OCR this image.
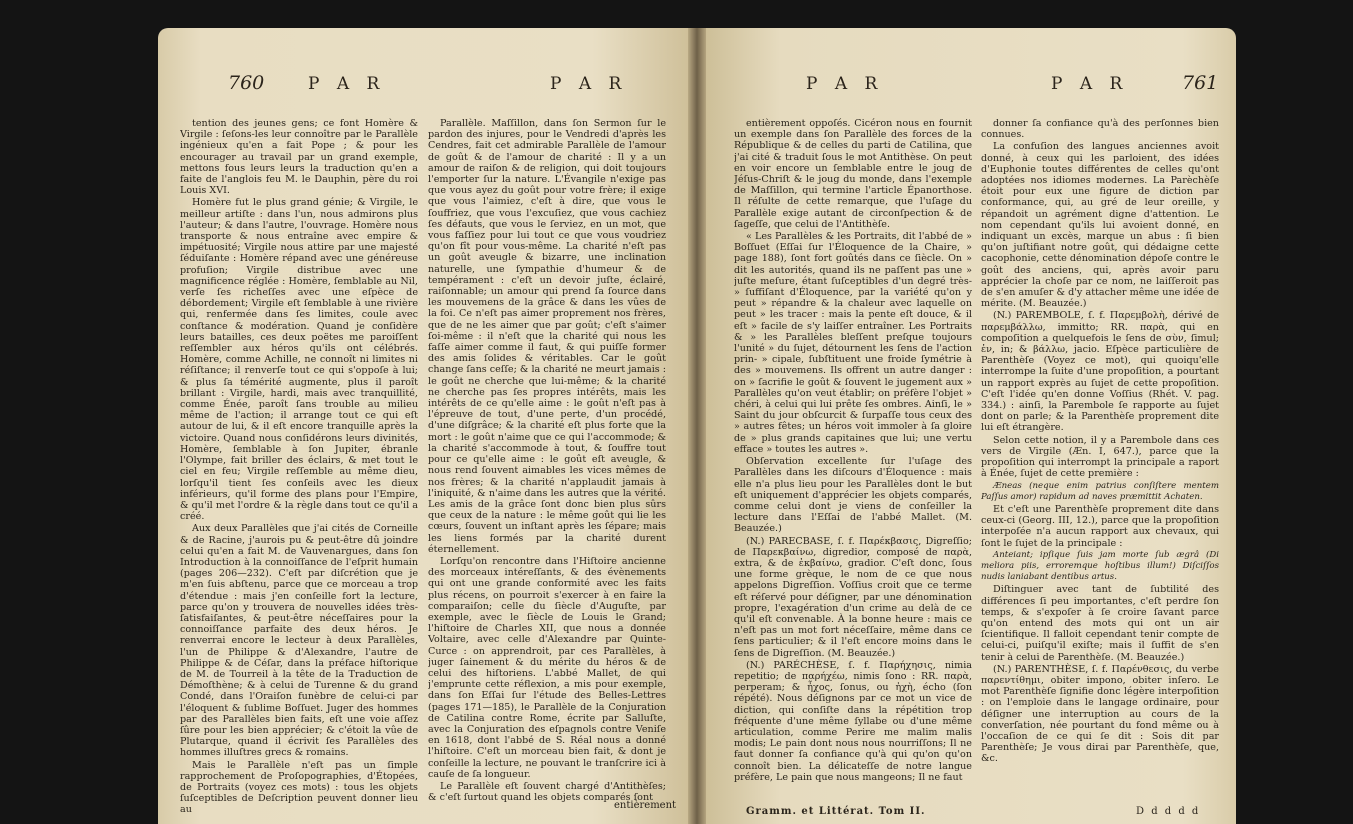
760	P A R	P A R

tention des jeunes gens; ce font Homère & Virgile : ſeſons-les leur connoître par le Parallèle ingénieux qu'en a fait Pope ; & pour les encourager au travail par un grand exemple, mettons fous leurs leurs la traduction qu'en a faite de l'anglois feu M. le Dauphin, père du roi Louis XVI.

Homère fut le plus grand génie; & Virgile, le meilleur artiſte : dans l'un, nous admirons plus l'auteur; & dans l'autre, l'ouvrage. Homère nous transporte & nous entraîne avec empire & impétuosité; Virgile nous attire par une majesté ſéduiſante : Homère répand avec une généreuse profuſion; Virgile distribue avec une magnificence réglée : Homère, ſemblable au Nil, verſe ſes richeſſes avec une eſpèce de débordement; Virgile eſt ſemblable à une rivière qui, renfermée dans ſes limites, coule avec conſtance & modération. Quand je conſidère leurs batailles, ces deux poëtes me paroiſſent reſſembler aux héros qu'ils ont célébrés. Homère, comme Achille, ne connoît ni limites ni réſiſtance; il renverſe tout ce qui s'oppoſe à lui; & plus ſa témérité augmente, plus il paroît brillant : Virgile, hardi, mais avec tranquillité, comme Énée, paroît ſans trouble au milieu même de l'action; il arrange tout ce qui eſt autour de lui, & il eſt encore tranquille après la victoire. Quand nous conſidérons leurs divinités, Homère, ſemblable à ſon Jupiter, ébranle l'Olympe, fait briller des éclairs, & met tout le ciel en feu; Virgile reſſemble au même dieu, lorſqu'il tient ſes conſeils avec les dieux inférieurs, qu'il forme des plans pour l'Empire, & qu'il met l'ordre & la règle dans tout ce qu'il a créé.

Aux deux Parallèles que j'ai cités de Corneille & de Racine, j'aurois pu & peut-être dû joindre celui qu'en a fait M. de Vauvenargues, dans ſon Introduction à la connoiſſance de l'eſprit humain (pages 206—232). C'eſt par diſcrétion que je m'en ſuis abſtenu, parce que ce morceau a trop d'étendue : mais j'en conſeille fort la lecture, parce qu'on y trouvera de nouvelles idées très-ſatisfaiſantes, & peut-être néceſſaires pour la connoiſſance parfaite des deux héros. Je renverrai encore le lecteur à deux Parallèles, l'un de Philippe & d'Alexandre, l'autre de Philippe & de Céſar, dans la préface hiſtorique de M. de Tourreil à la tête de la Traduction de Démoſthène; & à celui de Turenne & du grand Condé, dans l'Oraiſon funèbre de celui-ci par l'éloquent & ſublime Boſſuet. Juger des hommes par des Parallèles bien faits, eſt une voie aſſez ſûre pour les bien apprécier; & c'étoit la vûe de Plutarque, quand il écrivit ſes Parallèles des hommes illuſtres grecs & romains.

Mais le Parallèle n'eſt pas un ſimple rapprochement de Proſopographies, d'Étopées, de Portraits (voyez ces mots) : tous les objets ſuſceptibles de Deſcription peuvent donner lieu au

Parallèle. Maſſillon, dans ſon Sermon ſur le pardon des injures, pour le Vendredi d'après les Cendres, fait cet admirable Parallèle de l'amour de goût & de l'amour de charité : Il y a un amour de raiſon & de religion, qui doit toujours l'emporter ſur la nature. L'Évangile n'exige pas que vous ayez du goût pour votre frère; il exige que vous l'aimiez, c'eſt à dire, que vous le ſouffriez, que vous l'excuſiez, que vous cachiez ſes défauts, que vous le ſerviez, en un mot, que vous faſſiez pour lui tout ce que vous voudriez qu'on fît pour vous-même. La charité n'eſt pas un goût aveugle & bizarre, une inclination naturelle, une ſympathie d'humeur & de tempérament : c'eſt un devoir juſte, éclairé, raiſonnable; un amour qui prend ſa ſource dans les mouvemens de la grâce & dans les vûes de la foi. Ce n'eſt pas aimer proprement nos frères, que de ne les aimer que par goût; c'eſt s'aimer ſoi-même : il n'eſt que la charité qui nous les faſſe aimer comme il faut, & qui puiſſe former des amis ſolides & véritables. Car le goût change ſans ceſſe; & la charité ne meurt jamais : le goût ne cherche que lui-même; & la charité ne cherche pas ſes propres intérêts, mais les intérêts de ce qu'elle aime : le goût n'eſt pas à l'épreuve de tout, d'une perte, d'un procédé, d'une diſgrâce; & la charité eſt plus forte que la mort : le goût n'aime que ce qui l'accommode; & la charité s'accommode à tout, & ſouffre tout pour ce qu'elle aime : le goût eſt aveugle, & nous rend ſouvent aimables les vices mêmes de nos frères; & la charité n'applaudit jamais à l'iniquité, & n'aime dans les autres que la vérité. Les amis de la grâce ſont donc bien plus sûrs que ceux de la nature : le même goût qui lie les cœurs, ſouvent un inſtant après les ſépare; mais les liens formés par la charité durent éternellement.

Lorſqu'on rencontre dans l'Hiſtoire ancienne des morceaux intéreſſants, & des évènements qui ont une grande conformité avec les faits plus récens, on pourroit s'exercer à en faire la comparaiſon; celle du ſiècle d'Auguſte, par exemple, avec le ſiècle de Louis le Grand; l'hiſtoire de Charles XII, que nous a donnée Voltaire, avec celle d'Alexandre par Quinte-Curce : on apprendroit, par ces Parallèles, à juger ſainement & du mérite du héros & de celui des hiſtoriens. L'abbé Mallet, de qui j'emprunte cette réflexion, a mis pour exemple, dans ſon Eſſai ſur l'étude des Belles-Lettres (pages 171—185), le Parallèle de la Conjuration de Catilina contre Rome, écrite par Salluſte, avec la Conjuration des eſpagnols contre Veniſe en 1618, dont l'abbé de S. Réal nous a donné l'hiſtoire. C'eſt un morceau bien fait, & dont je conſeille la lecture, ne pouvant le tranſcrire ici à cauſe de ſa longueur.

Le Parallèle eſt ſouvent chargé d'Antithèſes; & c'eſt ſurtout quand les objets comparés ſont

entièrement
P A R	P A R	761

entièrement oppoſés. Cicéron nous en fournit un exemple dans ſon Parallèle des forces de la République & de celles du parti de Catilina, que j'ai cité & traduit ſous le mot Antithèse. On peut en voir encore un ſemblable entre le joug de Jéſus-Chriſt & le joug du monde, dans l'exemple de Maſſillon, qui termine l'article Épanorthose. Il réſulte de cette remarque, que l'uſage du Parallèle exige autant de circonſpection & de ſageſſe, que celui de l'Antithèſe.

« Les Parallèles & les Portraits, dit l'abbé de » Boſſuet (Eſſai ſur l'Éloquence de la Chaire, » page 188), ſont fort goûtés dans ce ſiècle. On » dit les autorités, quand ils ne paſſent pas une » juſte meſure, étant ſuſceptibles d'un degré très- » ſuffiſant d'Éloquence, par la variété qu'on y peut » répandre & la chaleur avec laquelle on peut » les tracer : mais la pente eſt douce, & il eſt » facile de s'y laiſſer entraîner. Les Portraits & » les Parallèles bleſſent preſque toujours l'unité » du ſujet, détournent les ſens de l'action prin- » cipale, ſubſtituent une froide ſymétrie à des » mouvemens. Ils offrent un autre danger : on » ſacrifie le goût & ſouvent le jugement aux » Parallèles qu'on veut établir; on préfère l'objet » chéri, à celui qui lui prête ſes ombres. Ainſi, le » Saint du jour obſcurcit & ſurpaſſe tous ceux des » autres fêtes; un héros voit immoler à ſa gloire de » plus grands capitaines que lui; une vertu efface » toutes les autres ».

Obſervation excellente ſur l'uſage des Parallèles dans les diſcours d'Éloquence : mais elle n'a plus lieu pour les Parallèles dont le but eſt uniquement d'apprécier les objets comparés, comme celui dont je viens de conſeiller la lecture dans l'Eſſai de l'abbé Mallet. (M. Beauzée.)

(N.) PARECBASE, ſ. f. Παρέκβασις, Digreſſio; de Παρεκβαίνω, digredior, composé de παρὰ, extra, & de ἐκβαίνω, gradior. C'eſt donc, ſous une forme grèque, le nom de ce que nous appelons Digreſſion. Voſſius croit que ce terme eſt réſervé pour déſigner, par une dénomination propre, l'exagération d'un crime au delà de ce qu'il eſt convenable. À la bonne heure : mais ce n'eſt pas un mot fort néceſſaire, même dans ce ſens particulier; & il l'eſt encore moins dans le ſens de Digreſſion. (M. Beauzée.)

(N.) PARÉCHÈSE, ſ. f. Παρήχησις, nimia repetitio; de παρήχέω, nimis ſono : RR. παρὰ, perperam; & ἦχος, ſonus, ou ἠχὴ, écho (ſon répété). Nous déſignons par ce mot un vice de diction, qui conſiſte dans la répétition trop fréquente d'une même ſyllabe ou d'une même articulation, comme Perire me malim malis modis; Le pain dont nous nous nourriſſons; Il ne faut donner ſa confiance qu'à qui qu'on qu'on connoît bien. La délicateſſe de notre langue préfère, Le pain que nous mangeons; Il ne faut

donner ſa confiance qu'à des perſonnes bien connues.

La confuſion des langues anciennes avoit donné, à ceux qui les parloient, des idées d'Euphonie toutes différentes de celles qu'ont adoptées nos idiomes modernes. La Parèchèſe étoit pour eux une figure de diction par conformance, qui, au gré de leur oreille, y répandoit un agrément digne d'attention. Le nom cependant qu'ils lui avoient donné, en indiquant un excès, marque un abus : ſi bien qu'on juſtifiant notre goût, qui dédaigne cette cacophonie, cette dénomination dépoſe contre le goût des anciens, qui, après avoir paru apprécier la choſe par ce nom, ne laiſſeroit pas de s'en amuſer & d'y attacher même une idée de mérite. (M. Beauzée.)

(N.) PAREMBOLE, ſ. f. Παρεμβολὴ, dérivé de παρεμβάλλω, immitto; RR. παρὰ, qui en compoſition a quelquefois le ſens de σὺν, ſimul; ἐν, in; & βάλλω, jacio. Eſpèce particulière de Parenthèſe (Voyez ce mot), qui quoiqu'elle interrompe la ſuite d'une propoſition, a pourtant un rapport exprès au ſujet de cette propoſition. C'eſt l'idée qu'en donne Voſſius (Rhét. V. pag. 334.) : ainſi, la Parembole ſe rapporte au ſujet dont on parle; & la Parenthèſe proprement dite lui eſt étrangère.

Selon cette notion, il y a Parembole dans ces vers de Virgile (Æn. I, 647.), parce que la propoſition qui interrompt la principale a raport à Énée, ſujet de cette première :

Æneas (neque enim patrius conſiſtere mentem Paſſus amor) rapidum ad naves præmittit Achaten.

Et c'eſt une Parenthèſe proprement dite dans ceux-ci (Georg. III, 12.), parce que la propoſition interpoſée n'a aucun rapport aux chevaux, qui ſont le ſujet de la principale :

Anteiant; ipſique ſuis jam morte ſub ægrâ (Di meliora piis, erroremque hoſtibus illum!) Diſciſſos nudis laniabant dentibus artus.

Diſtinguer avec tant de ſubtilité des différences ſi peu importantes, c'eſt perdre ſon temps, & s'expoſer à ſe croire ſavant parce qu'on entend des mots qui ont un air ſcientifique. Il falloit cependant tenir compte de celui-ci, puiſqu'il exiſte; mais il ſuffit de s'en tenir à celui de Parenthèſe. (M. Beauzée.)

(N.) PARENTHÈSE, ſ. f. Παρένθεσις, du verbe παρεντίθημι, obiter impono, obiter inſero. Le mot Parenthèſe ſignifie donc légère interpoſition : on l'emploie dans le langage ordinaire, pour déſigner une interruption au cours de la converſation, née pourtant du fond même ou à l'occaſion de ce qui ſe dit : Sois dit par Parenthèſe; Je vous dirai par Parenthèſe, que, &c.

Gramm. et Littérat. Tom II.	D d d d d
